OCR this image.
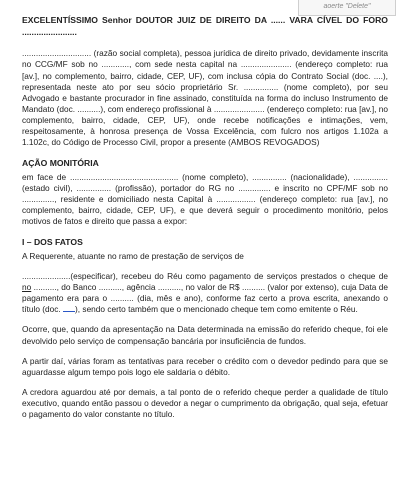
aoerte "Delete"
EXCELENTÍSSIMO Senhor DOUTOR JUIZ DE DIREITO DA ...... VARA CÍVEL DO FORO .......................

.............................. (razão social completa), pessoa jurídica de direito privado, devidamente inscrita no CCG/MF sob no ............, com sede nesta capital na ...................... (endereço completo: rua [av.], no complemento, bairro, cidade, CEP, UF), com inclusa cópia do Contrato Social (doc. ....), representada neste ato por seu sócio proprietário Sr. ............... (nome completo), por seu Advogado e bastante procurador in fine assinado, constituída na forma do incluso Instrumento de Mandato (doc. ..........), com endereço profissional à ...................... (endereço completo: rua [av.], no complemento, bairro, cidade, CEP, UF), onde recebe notificações e intimações, vem, respeitosamente, à honrosa presença de Vossa Excelência, com fulcro nos artigos 1.102a a 1.102c, do Código de Processo Civil, propor a presente (AMBOS REVOGADOS)

AÇÃO MONITÓRIA

em face de ............................................... (nome completo), ............... (nacionalidade), ............... (estado civil), ............... (profissão), portador do RG no .............. e inscrito no CPF/MF sob no .............., residente e domiciliado nesta Capital à ................. (endereço completo: rua [av.], no complemento, bairro, cidade, CEP, UF), e que deverá seguir o procedimento monitório, pelos motivos de fatos e direito que passa a expor:

I – DOS FATOS

A Requerente, atuante no ramo de prestação de serviços de

.....................(especificar), recebeu do Réu como pagamento de serviços prestados o cheque de no .........., do Banco .........., agência .........., no valor de R$ .......... (valor por extenso), cuja Data de pagamento era para o .......... (dia, mês e ano), conforme faz certo a prova escrita, anexando o título (doc. ), sendo certo também que o mencionado cheque tem como emitente o Réu.

Ocorre, que, quando da apresentação na Data determinada na emissão do referido cheque, foi ele devolvido pelo serviço de compensação bancária por insuficiência de fundos.

A partir daí, várias foram as tentativas para receber o crédito com o devedor pedindo para que se aguardasse algum tempo pois logo ele saldaria o débito.

A credora aguardou até por demais, a tal ponto de o referido cheque perder a qualidade de título executivo, quando então passou o devedor a negar o cumprimento da obrigação, qual seja, efetuar o pagamento do valor constante no título.
